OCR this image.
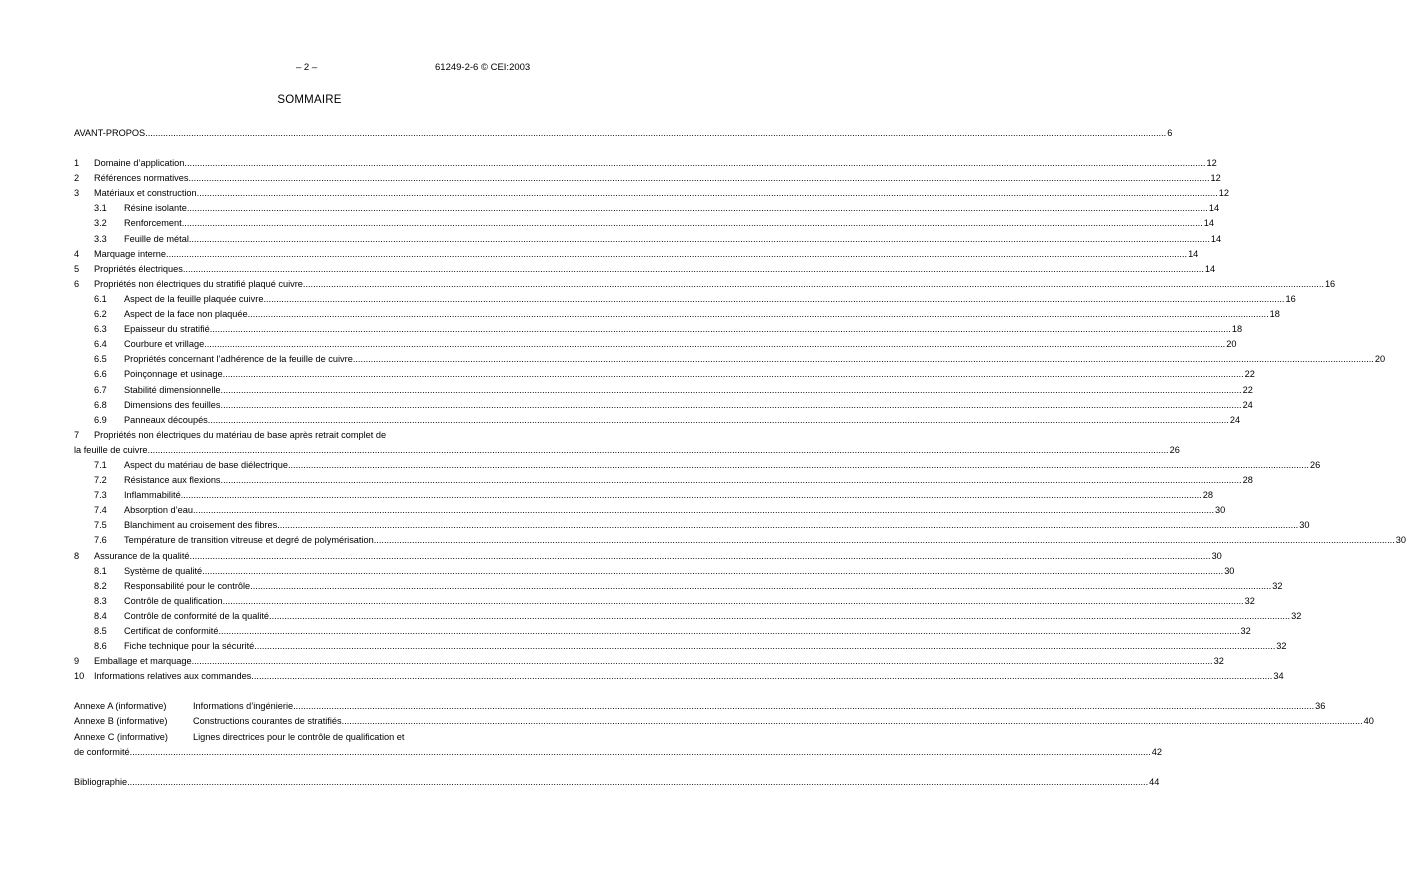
– 2 –	61249-2-6 © CEI:2003
SOMMAIRE
AVANT-PROPOS ................................................................................................................................................................................................................................................................................................................................................................................................................ 6
1 Domaine d’application ................................................................................................................................................................................................................................................................................................................................................................................................................ 12
2 Références normatives ................................................................................................................................................................................................................................................................................................................................................................................................................ 12
3 Matériaux et construction ................................................................................................................................................................................................................................................................................................................................................................................................................ 12
3.1 Résine isolante ................................................................................................................................................................................................................................................................................................................................................................................................................ 14
3.2 Renforcement ................................................................................................................................................................................................................................................................................................................................................................................................................ 14
3.3 Feuille de métal ................................................................................................................................................................................................................................................................................................................................................................................................................ 14
4 Marquage interne ................................................................................................................................................................................................................................................................................................................................................................................................................ 14
5 Propriétés électriques ................................................................................................................................................................................................................................................................................................................................................................................................................ 14
6 Propriétés non électriques du stratifié plaqué cuivre ................................................................................................................................................................................................................................................................................................................................................................................................................ 16
6.1 Aspect de la feuille plaquée cuivre ................................................................................................................................................................................................................................................................................................................................................................................................................ 16
6.2 Aspect de la face non plaquée ................................................................................................................................................................................................................................................................................................................................................................................................................ 18
6.3 Epaisseur du stratifié ................................................................................................................................................................................................................................................................................................................................................................................................................ 18
6.4 Courbure et vrillage ................................................................................................................................................................................................................................................................................................................................................................................................................ 20
6.5 Propriétés concernant l’adhérence de la feuille de cuivre ................................................................................................................................................................................................................................................................................................................................................................................................................ 20
6.6 Poinçonnage et usinage ................................................................................................................................................................................................................................................................................................................................................................................................................ 22
6.7 Stabilité dimensionnelle ................................................................................................................................................................................................................................................................................................................................................................................................................ 22
6.8 Dimensions des feuilles ................................................................................................................................................................................................................................................................................................................................................................................................................ 24
6.9 Panneaux découpés ................................................................................................................................................................................................................................................................................................................................................................................................................ 24
7 Propriétés non électriques du matériau de base après retrait complet de
la feuille de cuivre ................................................................................................................................................................................................................................................................................................................................................................................................................ 26
7.1 Aspect du matériau de base diélectrique ................................................................................................................................................................................................................................................................................................................................................................................................................ 26
7.2 Résistance aux flexions ................................................................................................................................................................................................................................................................................................................................................................................................................ 28
7.3 Inflammabilité ................................................................................................................................................................................................................................................................................................................................................................................................................ 28
7.4 Absorption d’eau ................................................................................................................................................................................................................................................................................................................................................................................................................ 30
7.5 Blanchiment au croisement des fibres ................................................................................................................................................................................................................................................................................................................................................................................................................ 30
7.6 Température de transition vitreuse et degré de polymérisation ................................................................................................................................................................................................................................................................................................................................................................................................................ 30
8 Assurance de la qualité ................................................................................................................................................................................................................................................................................................................................................................................................................ 30
8.1 Système de qualité ................................................................................................................................................................................................................................................................................................................................................................................................................ 30
8.2 Responsabilité pour le contrôle ................................................................................................................................................................................................................................................................................................................................................................................................................ 32
8.3 Contrôle de qualification ................................................................................................................................................................................................................................................................................................................................................................................................................ 32
8.4 Contrôle de conformité de la qualité ................................................................................................................................................................................................................................................................................................................................................................................................................ 32
8.5 Certificat de conformité ................................................................................................................................................................................................................................................................................................................................................................................................................ 32
8.6 Fiche technique pour la sécurité ................................................................................................................................................................................................................................................................................................................................................................................................................ 32
9 Emballage et marquage ................................................................................................................................................................................................................................................................................................................................................................................................................ 32
10 Informations relatives aux commandes ................................................................................................................................................................................................................................................................................................................................................................................................................ 34
Annexe A (informative)	Informations d’ingénierie ................................................................................................................................................................................................................................................................................................................................................................................................................ 36
Annexe B (informative)	Constructions courantes de stratifiés ................................................................................................................................................................................................................................................................................................................................................................................................................ 40
Annexe C (informative)	Lignes directrices pour le contrôle de qualification et
de conformité ................................................................................................................................................................................................................................................................................................................................................................................................................ 42
Bibliographie ................................................................................................................................................................................................................................................................................................................................................................................................................ 44
